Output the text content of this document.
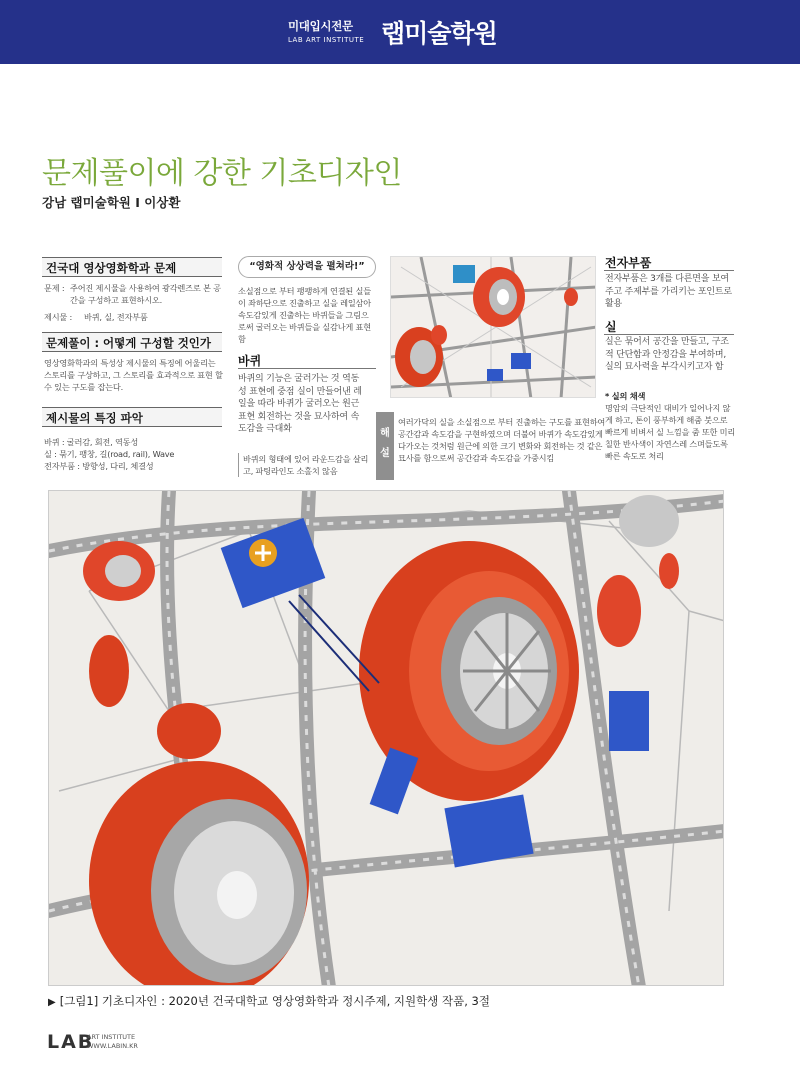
미대입시전문
LAB ART INSTITUTE 랩미술학원
문제풀이에 강한 기초디자인
강남 랩미술학원 I 이상환
건국대 영상영화학과 문제
문제 : 주어진 제시물을 사용하여 광각렌즈로 본 공간을 구성하고 표현하시오.
제시물 :	바퀴, 실, 전자부품
문제풀이 : 어떻게 구성할 것인가
영상영화학과의 특성상 제시물의 특징에 어울리는 스토리를 구상하고, 그 스토리를 효과적으로 표현 할 수 있는 구도를 잡는다.
제시물의 특징 파악
바퀴 : 굴러감, 회전, 역동성
실 : 묶기, 팽창, 길(road, rail), Wave
전자부품 : 방향성, 다리, 체결성
“영화적 상상력을 펼쳐라!”
소실점으로 부터 팽팽하게 연결된 실들이 좌하단으로 진출하고 실을 레일삼아 속도감있게 진출하는 바퀴들을 그림으로써 굴러오는 바퀴들을 실감나게 표현함
바퀴
바퀴의 기능은 굴러가는 것 역동성 표현에 중점 실이 만들어낸 레일을 따라 바퀴가 굴러오는 원근 표현 회전하는 것을 묘사하여 속도감을 극대화
바퀴의 형태에 있어 라운드감을 살리고, 파팅라인도 소홀치 않음
해설
여러가닥의 실을 소실점으로 부터 진출하는 구도를 표현하여 공간감과 속도감을 구현하였으며 더불어 바퀴가 속도감있게 다가오는 것처럼 원근에 의한 크기 변화와 회전하는 것 같은 묘사를 함으로써 공간감과 속도감을 가중시킴
전자부품
전자부품은 3개를 다른면을 보여주고 주제부를 가리키는 포인트로 활용
실
실은 묶어서 공간을 만들고, 구조적 단단함과 안정감을 부여하며, 실의 묘사력을 부각시키고자 함
* 실의 채색
명암의 극단적인 대비가 일어나지 않게 하고, 톤이 풍부하게 해줌 붓으로 빠르게 비벼서 실 느낌을 줌 또한 미리 칠한 반사색이 자연스레 스며들도록 빠른 속도로 처리
▶ [그림1] 기초디자인 : 2020년 건국대학교 영상영화학과 정시주제, 지원학생 작품, 3절
LAB
ART INSTITUTE
WWW.LABIN.KR
